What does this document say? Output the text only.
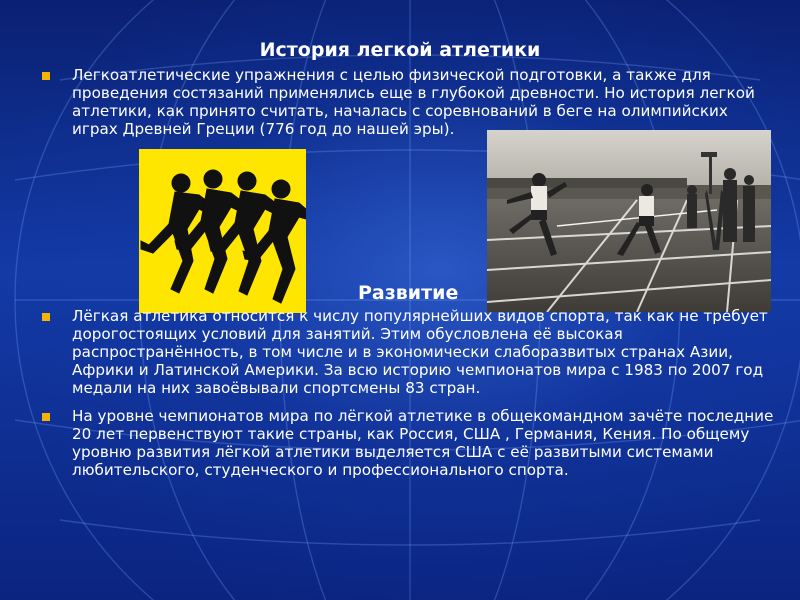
История легкой атлетики
Легкоатлетические упражнения с целью физической подготовки, а также для проведения состязаний применялись еще в глубокой древности. Но история легкой атлетики, как принято считать, началась с соревнований в беге на олимпийских играх Древней Греции (776 год до нашей эры).
Развитие
Лёгкая атлетика относится к числу популярнейших видов спорта, так как не требует дорогостоящих условий для занятий. Этим обусловлена её высокая распространённость, в том числе и в экономически слаборазвитых странах Азии, Африки и Латинской Америки. За всю историю чемпионатов мира с 1983 по 2007 год медали на них завоёвывали спортсмены 83 стран.
На уровне чемпионатов мира по лёгкой атлетике в общекомандном зачёте последние 20 лет первенствуют такие страны, как Россия, США , Германия, Кения. По общему уровню развития лёгкой атлетики выделяется США с её развитыми системами любительского, студенческого и профессионального спорта.
